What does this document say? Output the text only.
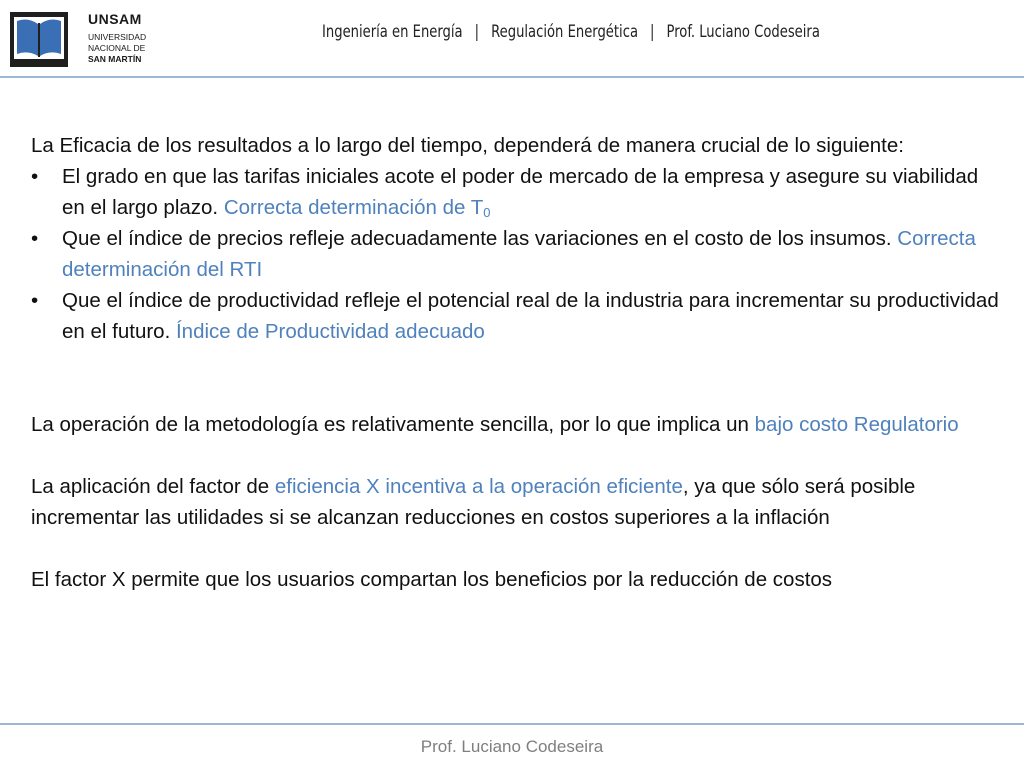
UNSAM
UNIVERSIDAD
NACIONAL DE
SAN MARTÍN
Ingeniería en Energía | Regulación Energética | Prof. Luciano Codeseira

La Eficacia de los resultados a lo largo del tiempo, dependerá de manera crucial de lo siguiente:

• El grado en que las tarifas iniciales acote el poder de mercado de la empresa y asegure su viabilidad en el largo plazo. Correcta determinación de $T_0$
• Que el índice de precios refleje adecuadamente las variaciones en el costo de los insumos. Correcta determinación del RTI
• Que el índice de productividad refleje el potencial real de la industria para incrementar su productividad en el futuro. Índice de Productividad adecuado

La operación de la metodología es relativamente sencilla, por lo que implica un bajo costo Regulatorio

La aplicación del factor de eficiencia X incentiva a la operación eficiente, ya que sólo será posible incrementar las utilidades si se alcanzan reducciones en costos superiores a la inflación

El factor X permite que los usuarios compartan los beneficios por la reducción de costos

Prof. Luciano Codeseira
